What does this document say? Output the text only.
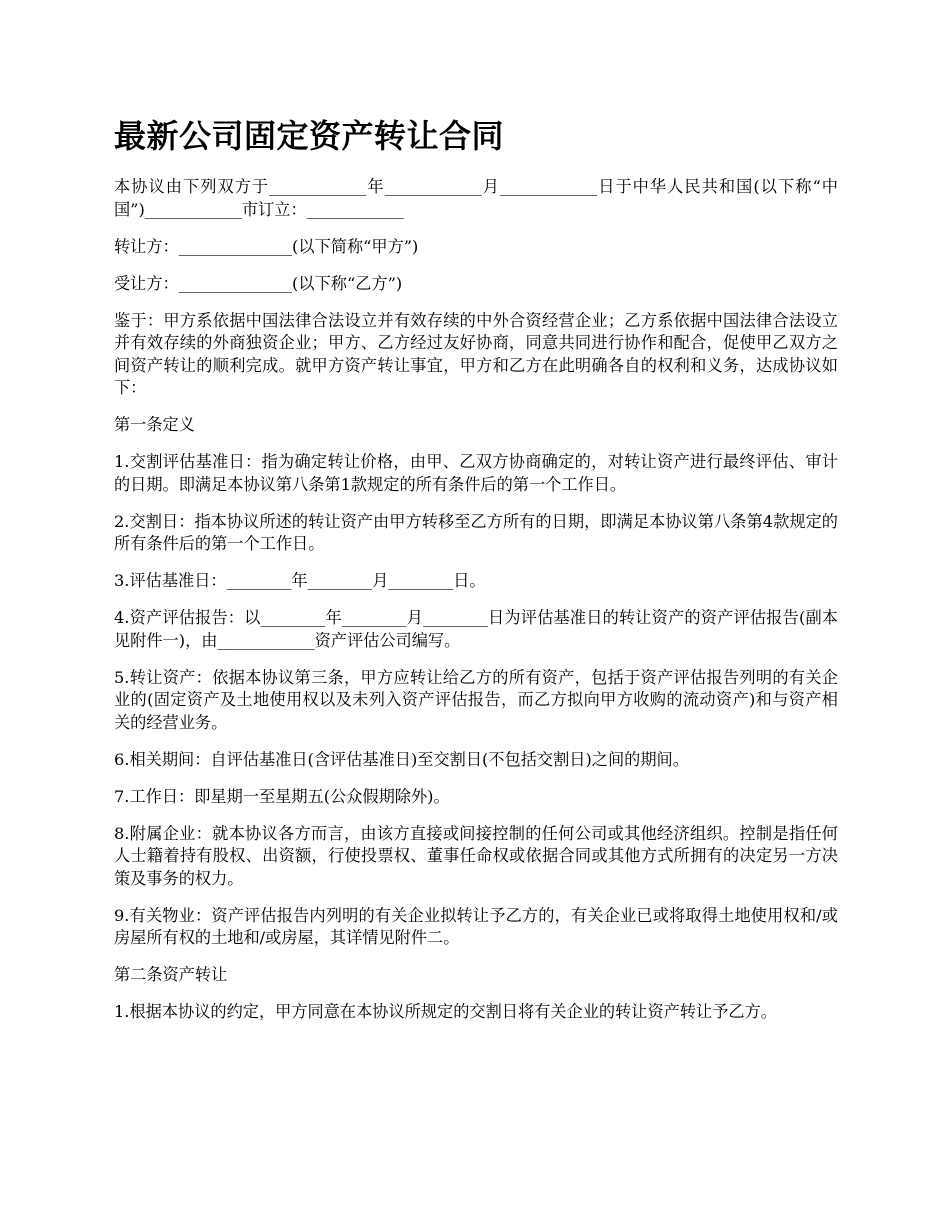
最新公司固定资产转让合同

本协议由下列双方于____________年____________月____________日于中华人民共和国(以下称“中国”)____________市订立：____________

转让方：______________(以下简称“甲方”)

受让方：______________(以下称“乙方”)

鉴于：甲方系依据中国法律合法设立并有效存续的中外合资经营企业；乙方系依据中国法律合法设立并有效存续的外商独资企业；甲方、乙方经过友好协商，同意共同进行协作和配合，促使甲乙双方之间资产转让的顺利完成。就甲方资产转让事宜，甲方和乙方在此明确各自的权利和义务，达成协议如下：

第一条定义

1.交割评估基准日：指为确定转让价格，由甲、乙双方协商确定的，对转让资产进行最终评估、审计的日期。即满足本协议第八条第1款规定的所有条件后的第一个工作日。

2.交割日：指本协议所述的转让资产由甲方转移至乙方所有的日期，即满足本协议第八条第4款规定的所有条件后的第一个工作日。

3.评估基准日：________年________月________日。

4.资产评估报告：以________年________月________日为评估基准日的转让资产的资产评估报告(副本见附件一)，由____________资产评估公司编写。

5.转让资产：依据本协议第三条，甲方应转让给乙方的所有资产，包括于资产评估报告列明的有关企业的(固定资产及土地使用权以及未列入资产评估报告，而乙方拟向甲方收购的流动资产)和与资产相关的经营业务。

6.相关期间：自评估基准日(含评估基准日)至交割日(不包括交割日)之间的期间。

7.工作日：即星期一至星期五(公众假期除外)。

8.附属企业：就本协议各方而言，由该方直接或间接控制的任何公司或其他经济组织。控制是指任何人士籍着持有股权、出资额，行使投票权、董事任命权或依据合同或其他方式所拥有的决定另一方决策及事务的权力。

9.有关物业：资产评估报告内列明的有关企业拟转让予乙方的，有关企业已或将取得土地使用权和/或房屋所有权的土地和/或房屋，其详情见附件二。

第二条资产转让

1.根据本协议的约定，甲方同意在本协议所规定的交割日将有关企业的转让资产转让予乙方。
